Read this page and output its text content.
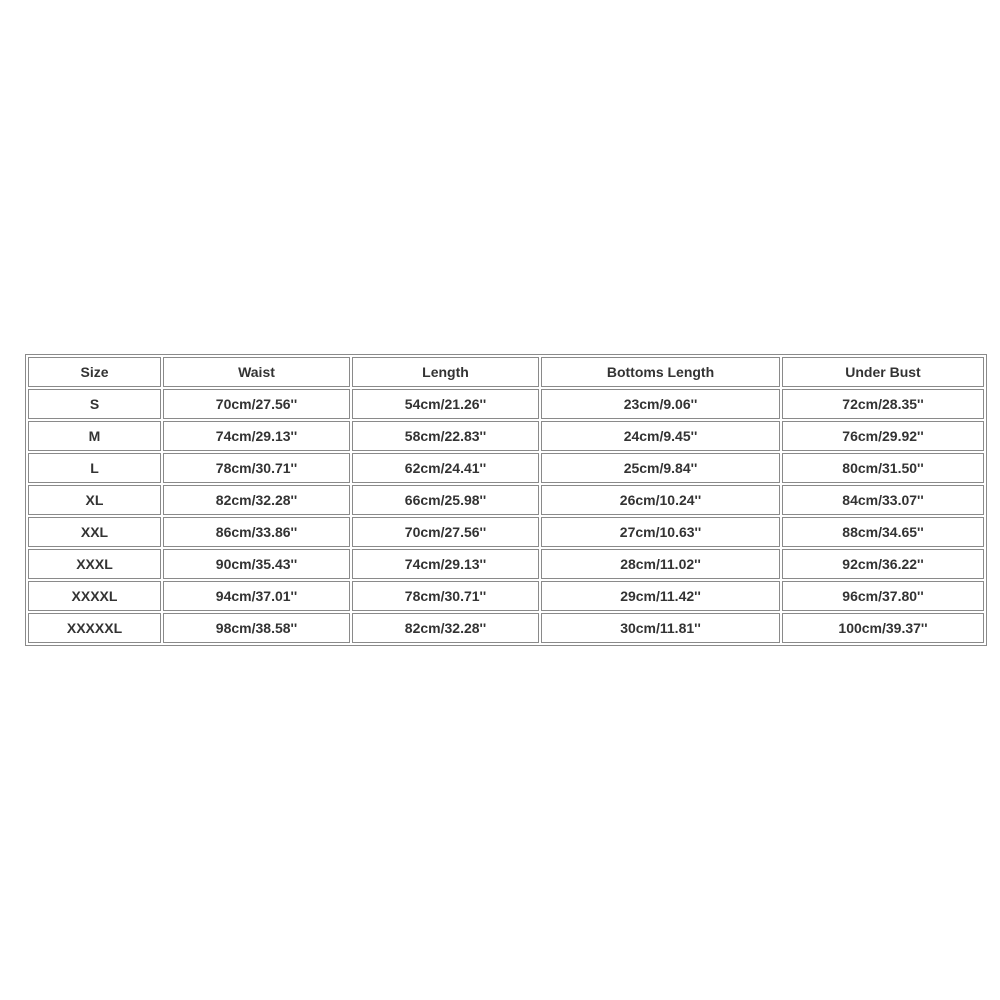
Size	Waist	Length	Bottoms Length	Under Bust
S	70cm/27.56''	54cm/21.26''	23cm/9.06''	72cm/28.35''
M	74cm/29.13''	58cm/22.83''	24cm/9.45''	76cm/29.92''
L	78cm/30.71''	62cm/24.41''	25cm/9.84''	80cm/31.50''
XL	82cm/32.28''	66cm/25.98''	26cm/10.24''	84cm/33.07''
XXL	86cm/33.86''	70cm/27.56''	27cm/10.63''	88cm/34.65''
XXXL	90cm/35.43''	74cm/29.13''	28cm/11.02''	92cm/36.22''
XXXXL	94cm/37.01''	78cm/30.71''	29cm/11.42''	96cm/37.80''
XXXXXL	98cm/38.58''	82cm/32.28''	30cm/11.81''	100cm/39.37''
